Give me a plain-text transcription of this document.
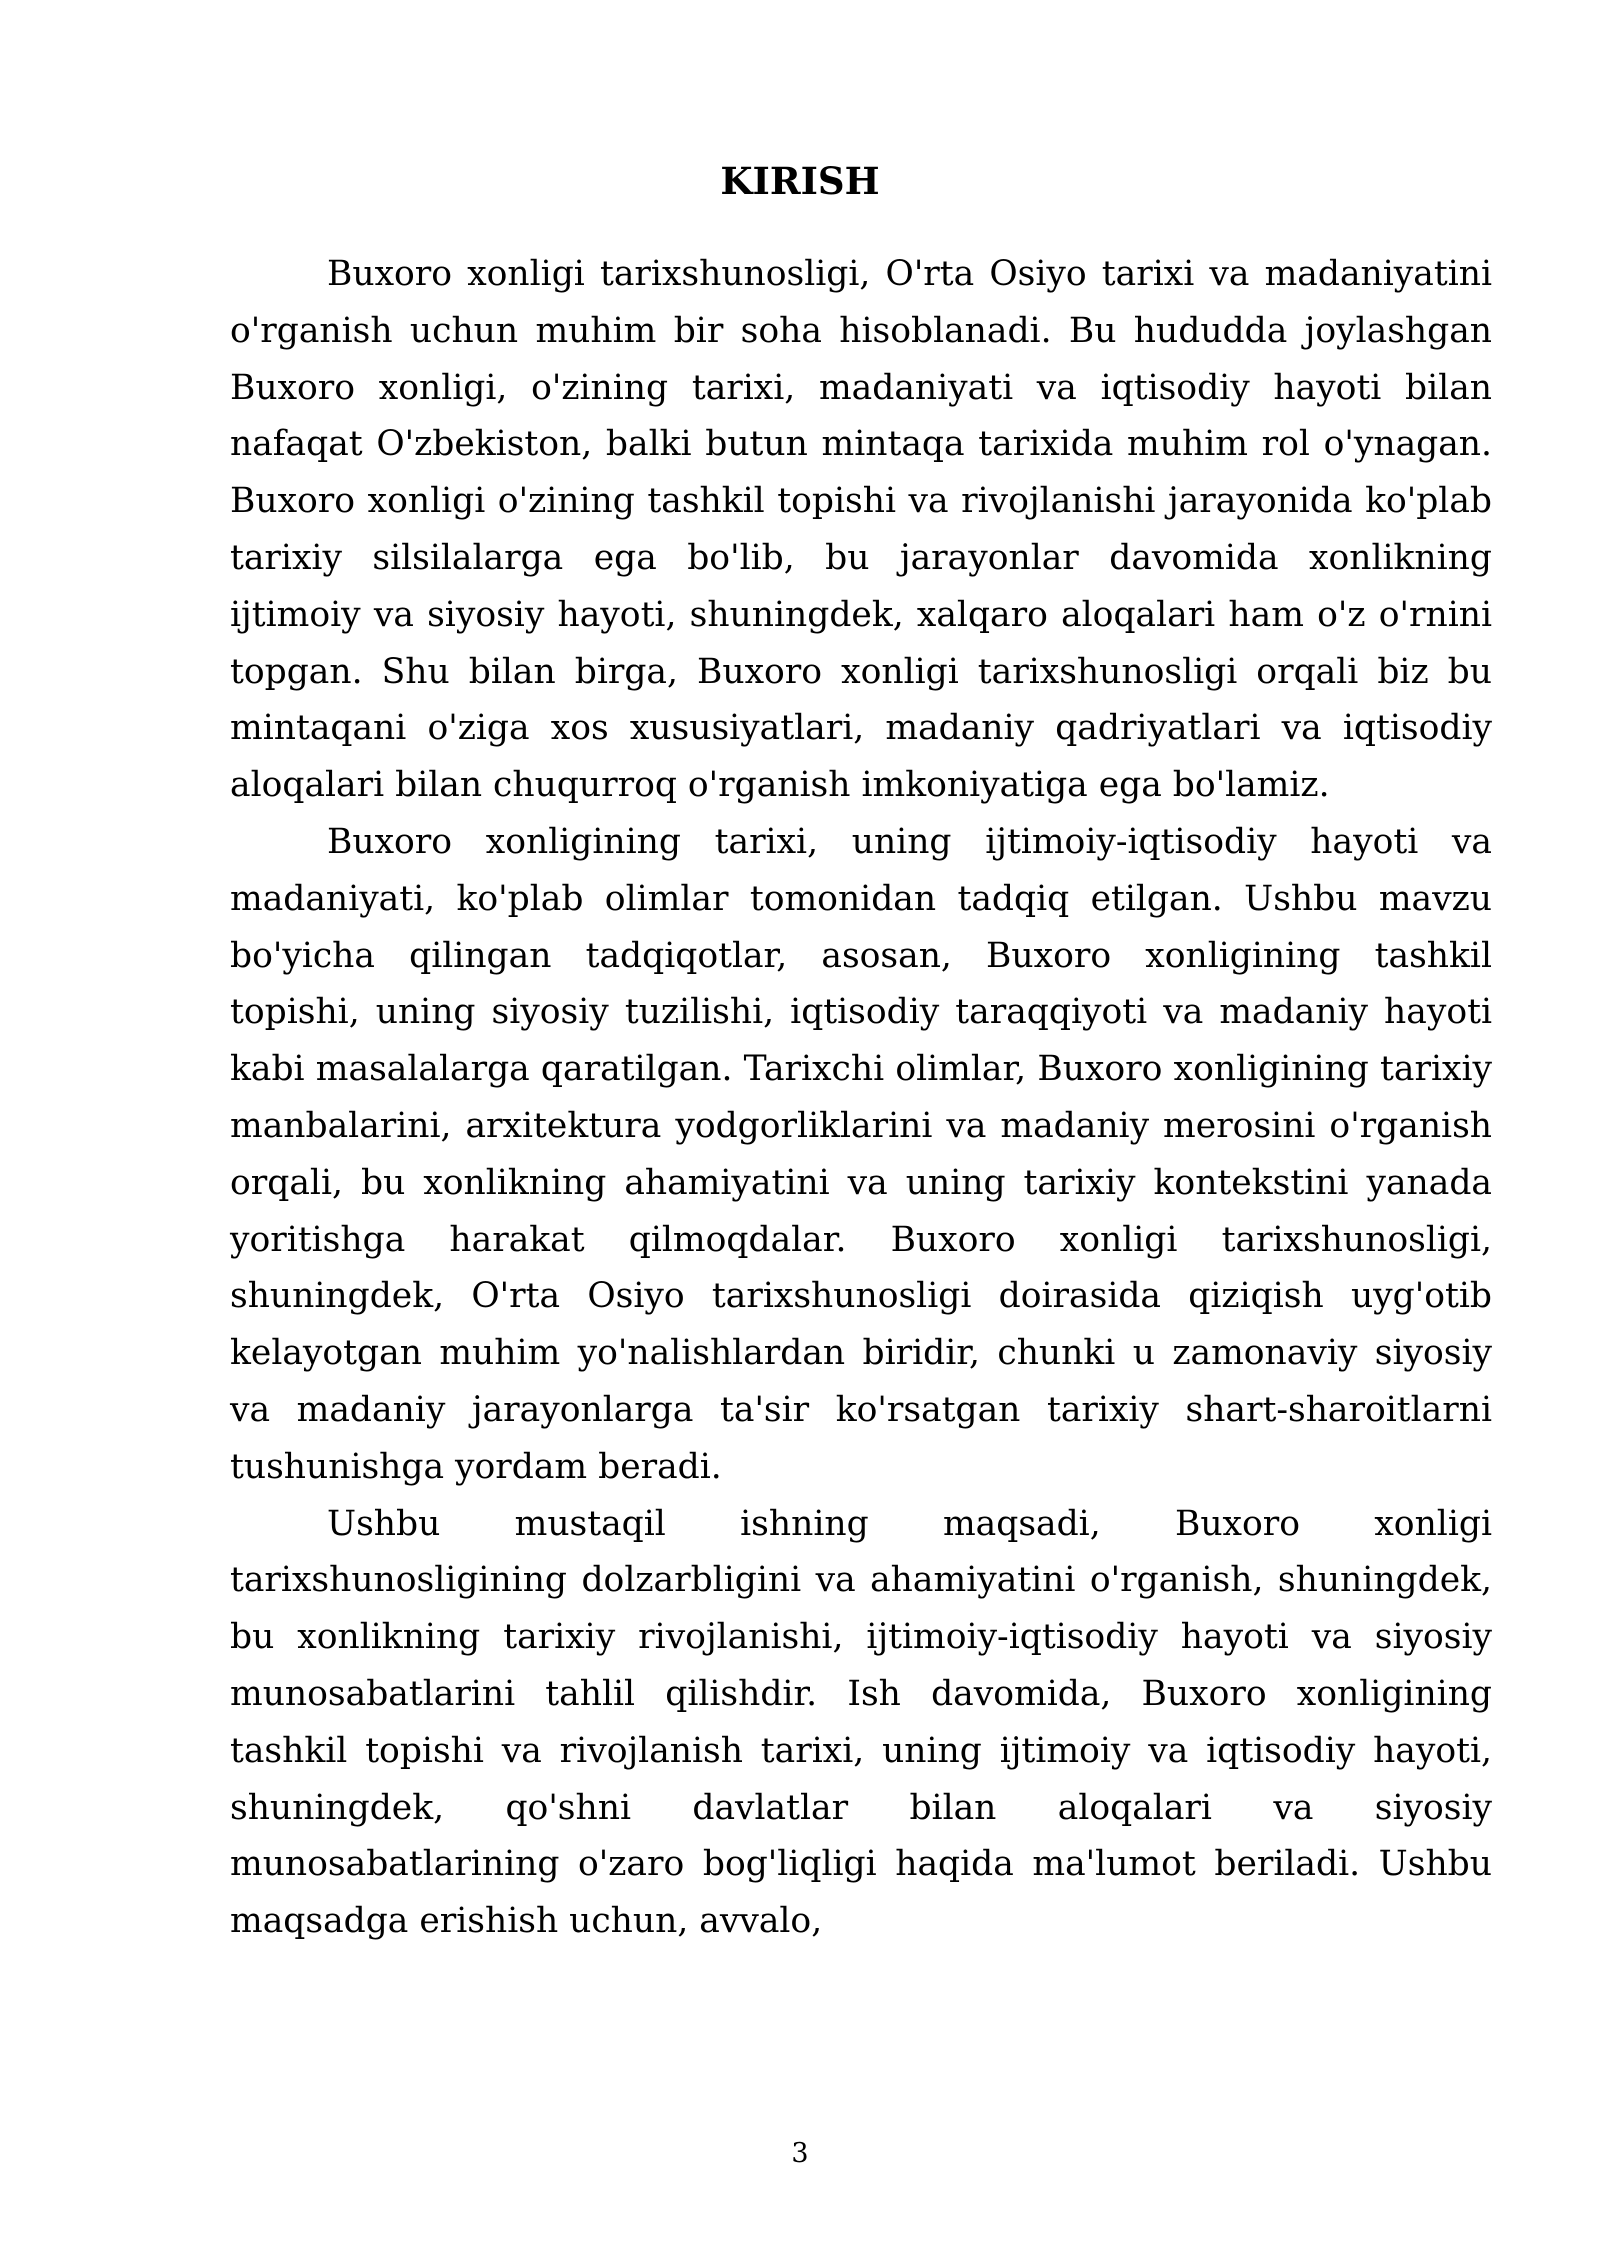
KIRISH

Buxoro xonligi tarixshunosligi, O'rta Osiyo tarixi va madaniyatini o'rganish uchun muhim bir soha hisoblanadi. Bu hududda joylashgan Buxoro xonligi, o'zining tarixi, madaniyati va iqtisodiy hayoti bilan nafaqat O'zbekiston, balki butun mintaqa tarixida muhim rol o'ynagan. Buxoro xonligi o'zining tashkil topishi va rivojlanishi jarayonida ko'plab tarixiy silsilalarga ega bo'lib, bu jarayonlar davomida xonlikning ijtimoiy va siyosiy hayoti, shuningdek, xalqaro aloqalari ham o'z o'rnini topgan. Shu bilan birga, Buxoro xonligi tarixshunosligi orqali biz bu mintaqani o'ziga xos xususiyatlari, madaniy qadriyatlari va iqtisodiy aloqalari bilan chuqurroq o'rganish imkoniyatiga ega bo'lamiz.

Buxoro xonligining tarixi, uning ijtimoiy-iqtisodiy hayoti va madaniyati, ko'plab olimlar tomonidan tadqiq etilgan. Ushbu mavzu bo'yicha qilingan tadqiqotlar, asosan, Buxoro xonligining tashkil topishi, uning siyosiy tuzilishi, iqtisodiy taraqqiyoti va madaniy hayoti kabi masalalarga qaratilgan. Tarixchi olimlar, Buxoro xonligining tarixiy manbalarini, arxitektura yodgorliklarini va madaniy merosini o'rganish orqali, bu xonlikning ahamiyatini va uning tarixiy kontekstini yanada yoritishga harakat qilmoqdalar. Buxoro xonligi tarixshunosligi, shuningdek, O'rta Osiyo tarixshunosligi doirasida qiziqish uyg'otib kelayotgan muhim yo'nalishlardan biridir, chunki u zamonaviy siyosiy va madaniy jarayonlarga ta'sir ko'rsatgan tarixiy shart-sharoitlarni tushunishga yordam beradi.

Ushbu mustaqil ishning maqsadi, Buxoro xonligi tarixshunosligining dolzarbligini va ahamiyatini o'rganish, shuningdek, bu xonlikning tarixiy rivojlanishi, ijtimoiy-iqtisodiy hayoti va siyosiy munosabatlarini tahlil qilishdir. Ish davomida, Buxoro xonligining tashkil topishi va rivojlanish tarixi, uning ijtimoiy va iqtisodiy hayoti, shuningdek, qo'shni davlatlar bilan aloqalari va siyosiy munosabatlarining o'zaro bog'liqligi haqida ma'lumot beriladi. Ushbu maqsadga erishish uchun, avvalo,

3
